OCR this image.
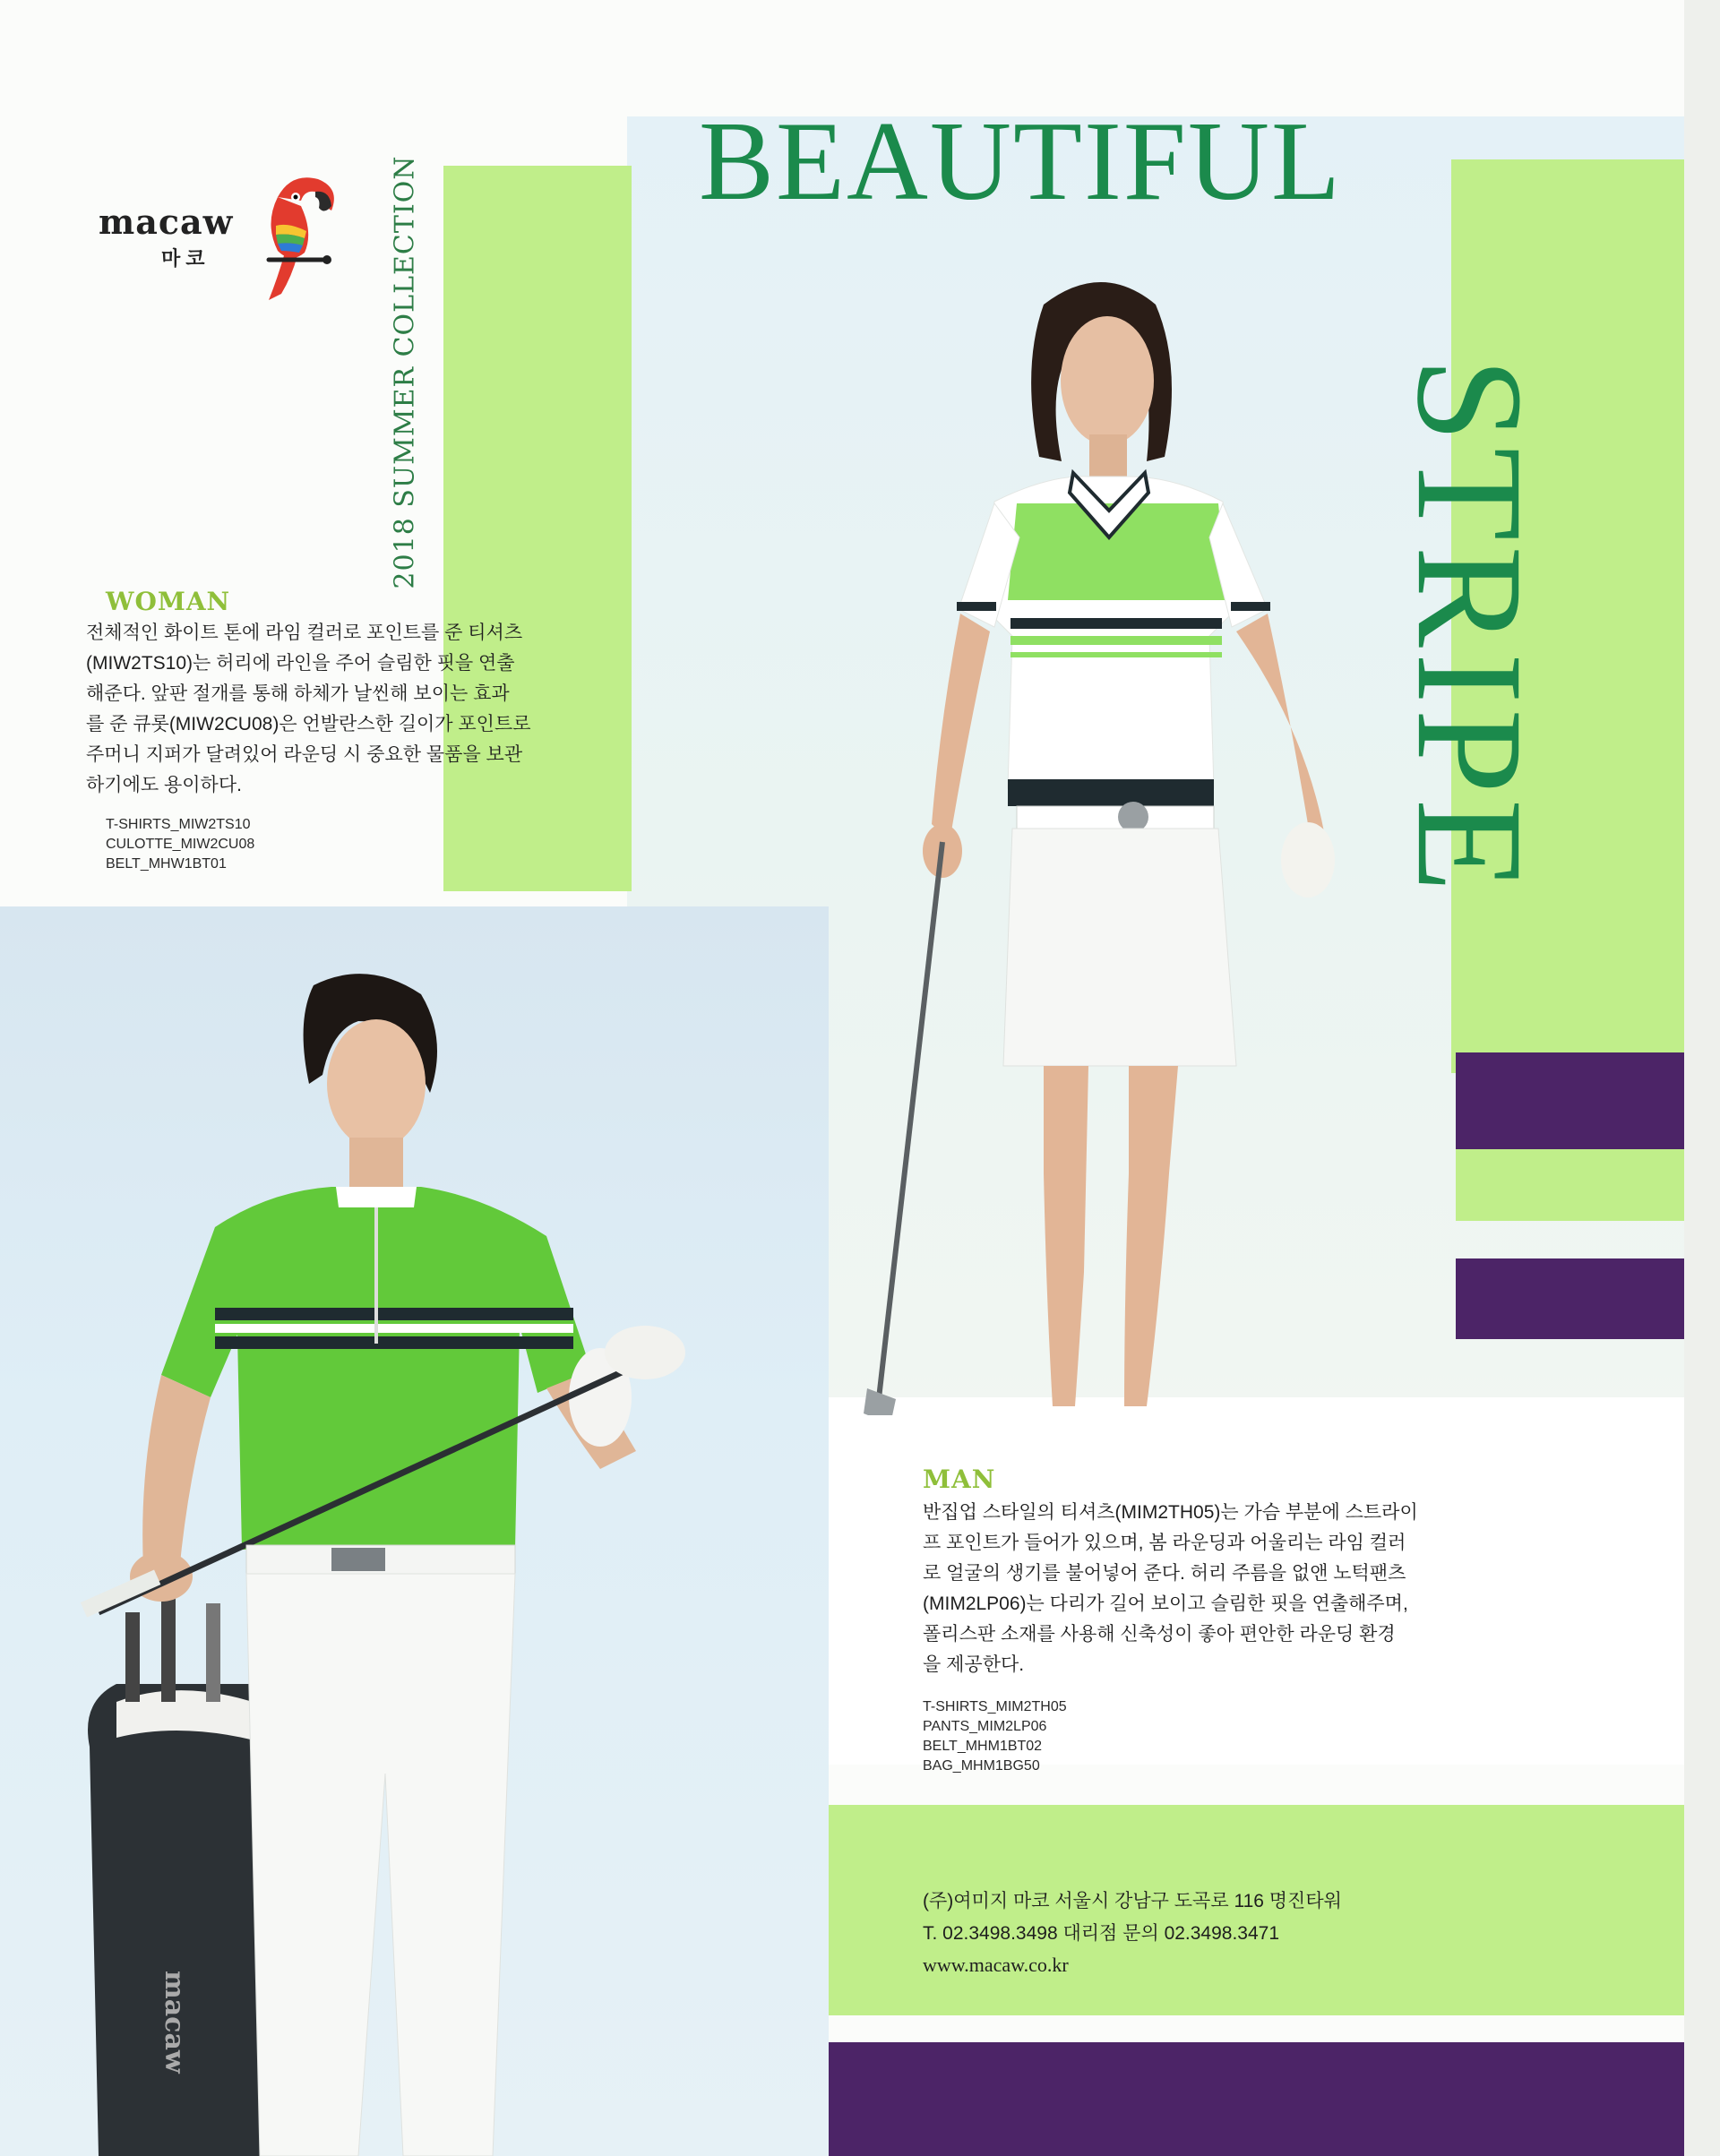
macaw
마코	2018 SUMMER COLLECTION BEAUTIFUL
STRIPE
WOMAN
전체적인 화이트 톤에 라임 컬러로 포인트를 준 티셔츠
(MIW2TS10)는 허리에 라인을 주어 슬림한 핏을 연출
해준다. 앞판 절개를 통해 하체가 날씬해 보이는 효과
를 준 큐롯(MIW2CU08)은 언발란스한 길이가 포인트로
주머니 지퍼가 달려있어 라운딩 시 중요한 물품을 보관
하기에도 용이하다.
T-SHIRTS_MIW2TS10
CULOTTE_MIW2CU08
BELT_MHW1BT01
macaw
MAN
반집업 스타일의 티셔츠(MIM2TH05)는 가슴 부분에 스트라이
프 포인트가 들어가 있으며, 봄 라운딩과 어울리는 라임 컬러
로 얼굴의 생기를 불어넣어 준다. 허리 주름을 없앤 노턱팬츠
(MIM2LP06)는 다리가 길어 보이고 슬림한 핏을 연출해주며,
폴리스판 소재를 사용해 신축성이 좋아 편안한 라운딩 환경
을 제공한다.
T-SHIRTS_MIM2TH05
PANTS_MIM2LP06
BELT_MHM1BT02
BAG_MHM1BG50
(주)여미지 마코 서울시 강남구 도곡로 116 명진타워
T. 02.3498.3498 대리점 문의 02.3498.3471
www.macaw.co.kr
